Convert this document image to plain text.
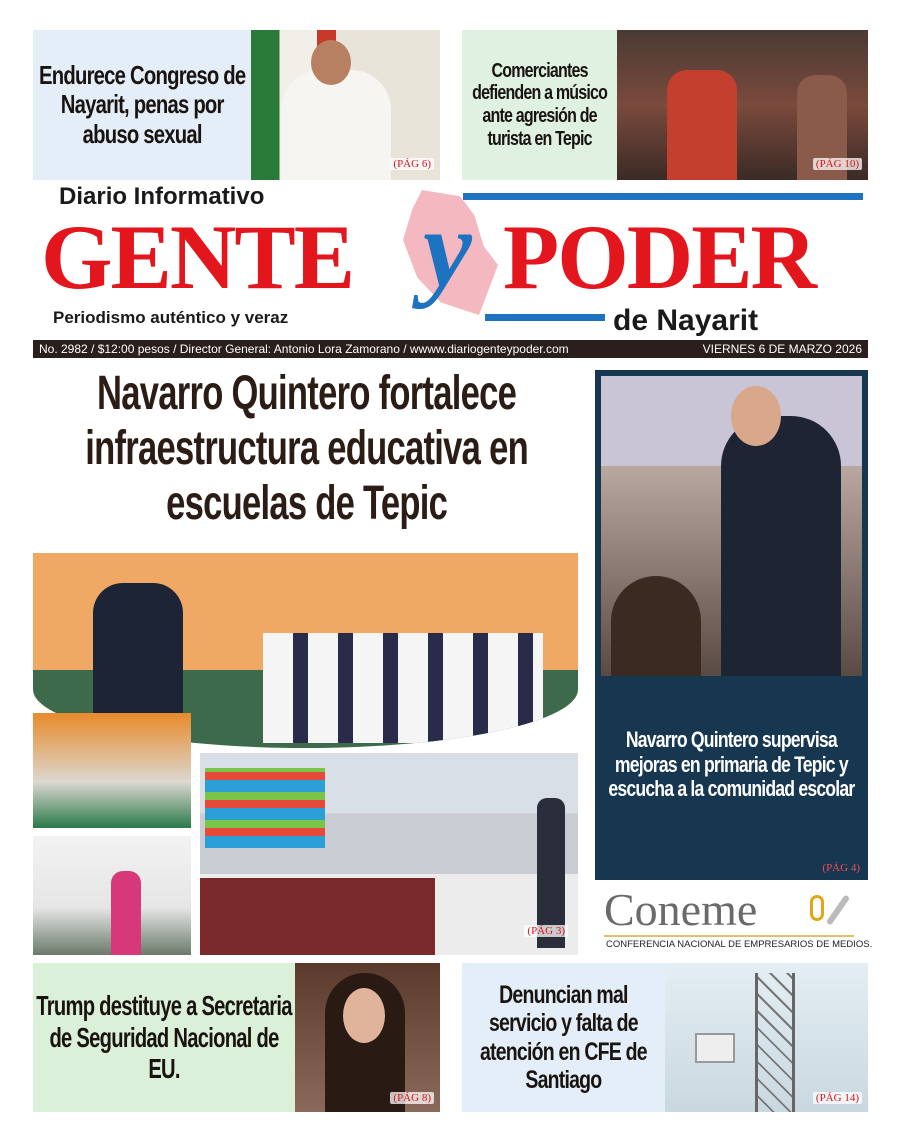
Endurece Congreso de Nayarit, penas por abuso sexual
(PÁG 6)
Comerciantes defienden a músico ante agresión de turista en Tepic
(PÁG 10)
Diario Informativo
GENTE y PODER
Periodismo auténtico y veraz	de Nayarit
No. 2982 / $12:00 pesos / Director General: Antonio Lora Zamorano / wwww.diariogenteypoder.com	VIERNES 6 DE MARZO 2026
Navarro Quintero fortalece infraestructura educativa en escuelas de Tepic
(PÁG 3)
Navarro Quintero supervisa mejoras en primaria de Tepic y escucha a la comunidad escolar
(PÁG 4)
Coneme
CONFERENCIA NACIONAL DE EMPRESARIOS DE MEDIOS.
Trump destituye a Secretaria de Seguridad Nacional de EU.
(PÁG 8)
Denuncian mal servicio y falta de atención en CFE de Santiago
(PÁG 14)
